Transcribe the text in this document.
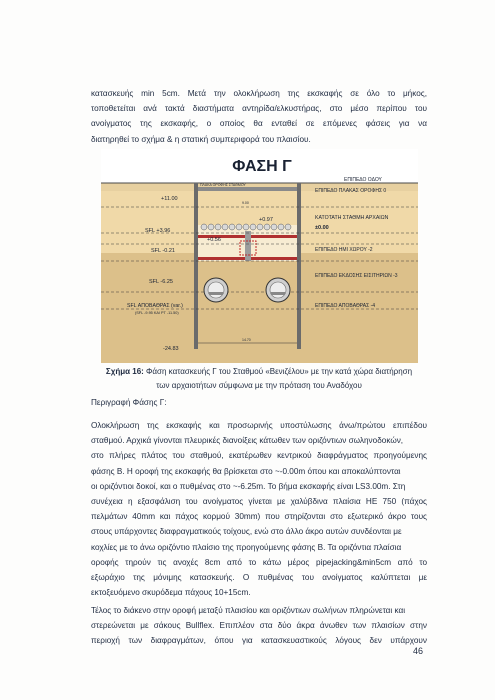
κατασκευής min 5cm. Μετά την ολοκλήρωση της εκσκαφής σε όλο το μήκος,
τοποθετείται ανά τακτά διαστήματα αντηρίδα/ελκυστήρας, στο μέσο περίπου του
ανοίγματος της εκσκαφής, ο οποίος θα ενταθεί σε επόμενες φάσεις για να
διατηρηθεί το σχήμα & η στατική συμπεριφορά του πλαισίου.
ΦΑΣΗ Γ
ΕΠΙΠΕΔΟ ΟΔΟΥ
ΕΠΙΠΕΔΟ ΠΛΑΚΑΣ ΟΡΟΦΗΣ 0
ΚΑΤΟΤΑΤΗ ΣΤΑΘΜΗ ΑΡΧΑΙΩΝ
±0.00
ΕΠΙΠΕΔΟ ΗΜΙ ΧΩΡΟΥ -2
ΕΠΙΠΕΔΟ ΕΚΔΟΣΗΣ ΕΙΣΙΤΗΡΙΩΝ -3
ΕΠΙΠΕΔΟ ΑΠΟΒΑΘΡΑΣ -4
+11.00
SFL +3.96
SFL -0.21
SFL -6.25
SFL ΑΠΟΒΑΘΡΑΣ (var.)
(SFL -9.95 ΚΑΙ PT -11.50)
-24.83
ΠΛΑΚΑ ΟΡΟΦΗΣ ΣΤΑΘΜΟΥ
+0.97
+0.56
9.00
14.70
Σχήμα 16: Φάση κατασκευής Γ του Σταθμού «Βενιζέλου» με την κατά χώρα διατήρηση
των αρχαιοτήτων σύμφωνα με την πρόταση του Αναδόχου
Περιγραφή Φάσης Γ:
Ολοκλήρωση της εκσκαφής και προσωρινής υποστύλωσης άνω/πρώτου επιπέδου
σταθμού. Αρχικά γίνονται πλευρικές διανοίξεις κάτωθεν των οριζόντιων σωληνοδοκών,
στο πλήρες πλάτος του σταθμού, εκατέρωθεν κεντρικού διαφράγματος προηγούμενης
φάσης Β. Η οροφή της εκσκαφής θα βρίσκεται στο ~-0.00m όπου και αποκαλύπτονται
οι οριζόντιοι δοκοί, και ο πυθμένας στο ~-6.25m. Το βήμα εκσκαφής είναι LS3.00m. Στη
συνέχεια η εξασφάλιση του ανοίγματος γίνεται με χαλύβδινα πλαίσια ΗΕ 750 (πάχος
πελμάτων 40mm και πάχος κορμού 30mm) που στηρίζονται στο εξωτερικό άκρο τους
στους υπάρχοντες διαφραγματικούς τοίχους, ενώ στο άλλο άκρο αυτών συνδέονται με
κοχλίες με το άνω οριζόντιο πλαίσιο της προηγούμενης φάσης Β. Τα οριζόντια πλαίσια
οροφής τηρούν τις ανοχές 8cm από το κάτω μέρος pipejacking&min5cm από το
εξωράχιο της μόνιμης κατασκευής. Ο πυθμένας του ανοίγματος καλύπτεται με
εκτοξευόμενο σκυρόδεμα πάχους 10+15cm.
Τέλος το διάκενο στην οροφή μεταξύ πλαισίου και οριζόντιων σωλήνων πληρώνεται και
στερεώνεται με σάκους Bullflex. Επιπλέον στα δύο άκρα άνωθεν των πλαισίων στην
περιοχή των διαφραγμάτων, όπου για κατασκευαστικούς λόγους δεν υπάρχουν
46
